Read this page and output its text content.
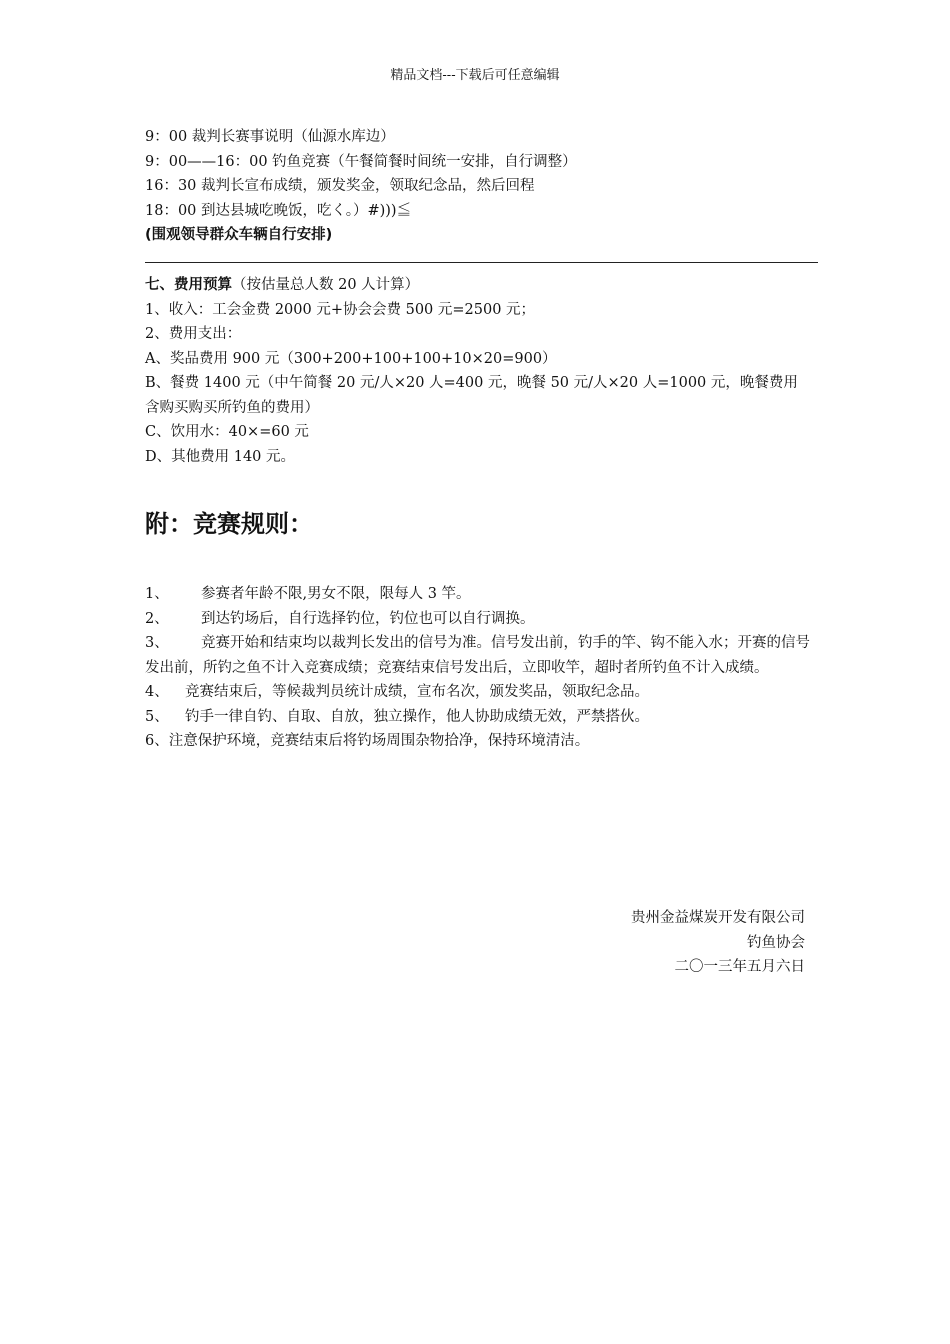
精品文档---下载后可任意编辑
9：00 裁判长赛事说明（仙源水库边）
9：00——16：00 钓鱼竞赛（午餐简餐时间统一安排，自行调整）
16：30 裁判长宣布成绩，颁发奖金，领取纪念品，然后回程
18：00 到达县城吃晚饭，吃く。）#)))≦
(围观领导群众车辆自行安排)
七、费用预算（按估量总人数 20 人计算）
1、收入：工会金费 2000 元+协会会费 500 元=2500 元；
2、费用支出：
A、奖品费用 900 元（300+200+100+100+10×20=900）
B、餐费 1400 元（中午简餐 20 元/人×20 人=400 元，晚餐 50 元/人×20 人=1000 元，晚餐费用含购买购买所钓鱼的费用）
C、饮用水：40×=60 元
D、其他费用 140 元。
附：竞赛规则：
1、 参赛者年龄不限,男女不限，限每人 3 竿。
2、 到达钓场后，自行选择钓位，钓位也可以自行调换。
3、 竞赛开始和结束均以裁判长发出的信号为准。信号发出前，钓手的竿、钩不能入水；开赛的信号发出前，所钓之鱼不计入竞赛成绩；竞赛结束信号发出后，立即收竿，超时者所钓鱼不计入成绩。
4、 竞赛结束后，等候裁判员统计成绩，宣布名次，颁发奖品，领取纪念品。
5、 钓手一律自钓、自取、自放，独立操作，他人协助成绩无效，严禁搭伙。
6、注意保护环境，竞赛结束后将钓场周围杂物拾净，保持环境清洁。
贵州金益煤炭开发有限公司
钓鱼协会
二〇一三年五月六日
